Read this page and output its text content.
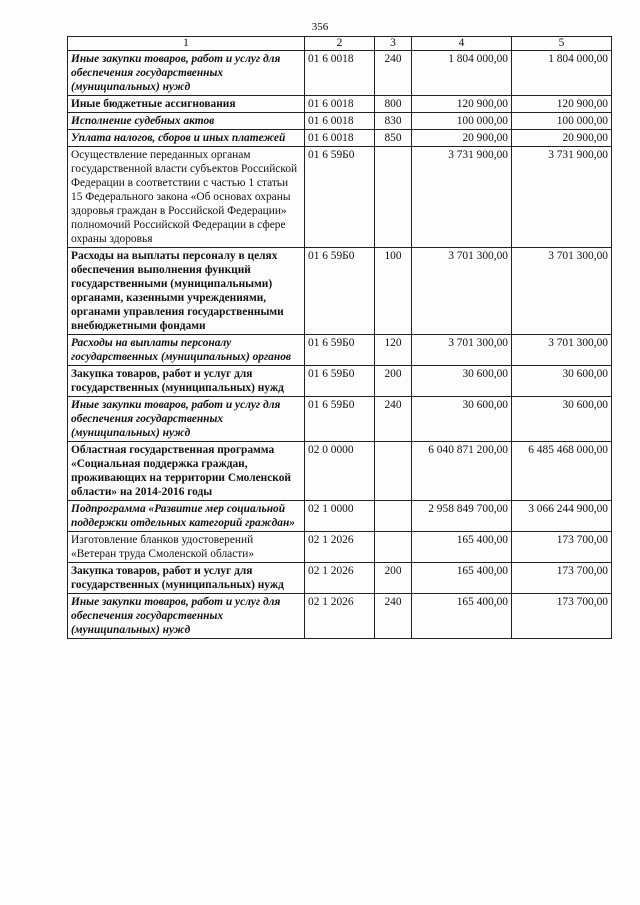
356
1	2	3	4	5
Иные закупки товаров, работ и услуг для обеспечения государственных (муниципальных) нужд	01 6 0018	240	1 804 000,00	1 804 000,00
Иные бюджетные ассигнования	01 6 0018	800	120 900,00	120 900,00
Исполнение судебных актов	01 6 0018	830	100 000,00	100 000,00
Уплата налогов, сборов и иных платежей	01 6 0018	850	20 900,00	20 900,00
Осуществление переданных органам государственной власти субъектов Российской Федерации в соответствии с частью 1 статьи 15 Федерального закона «Об основах охраны здоровья граждан в Российской Федерации» полномочий Российской Федерации в сфере охраны здоровья	01 6 59Б0		3 731 900,00	3 731 900,00
Расходы на выплаты персоналу в целях обеспечения выполнения функций государственными (муниципальными) органами, казенными учреждениями, органами управления государственными внебюджетными фондами	01 6 59Б0	100	3 701 300,00	3 701 300,00
Расходы на выплаты персоналу государственных (муниципальных) органов	01 6 59Б0	120	3 701 300,00	3 701 300,00
Закупка товаров, работ и услуг для государственных (муниципальных) нужд	01 6 59Б0	200	30 600,00	30 600,00
Иные закупки товаров, работ и услуг для обеспечения государственных (муниципальных) нужд	01 6 59Б0	240	30 600,00	30 600,00
Областная государственная программа «Социальная поддержка граждан, проживающих на территории Смоленской области» на 2014-2016 годы	02 0 0000		6 040 871 200,00	6 485 468 000,00
Подпрограмма «Развитие мер социальной поддержки отдельных категорий граждан»	02 1 0000		2 958 849 700,00	3 066 244 900,00
Изготовление бланков удостоверений «Ветеран труда Смоленской области»	02 1 2026		165 400,00	173 700,00
Закупка товаров, работ и услуг для государственных (муниципальных) нужд	02 1 2026	200	165 400,00	173 700,00
Иные закупки товаров, работ и услуг для обеспечения государственных (муниципальных) нужд	02 1 2026	240	165 400,00	173 700,00
